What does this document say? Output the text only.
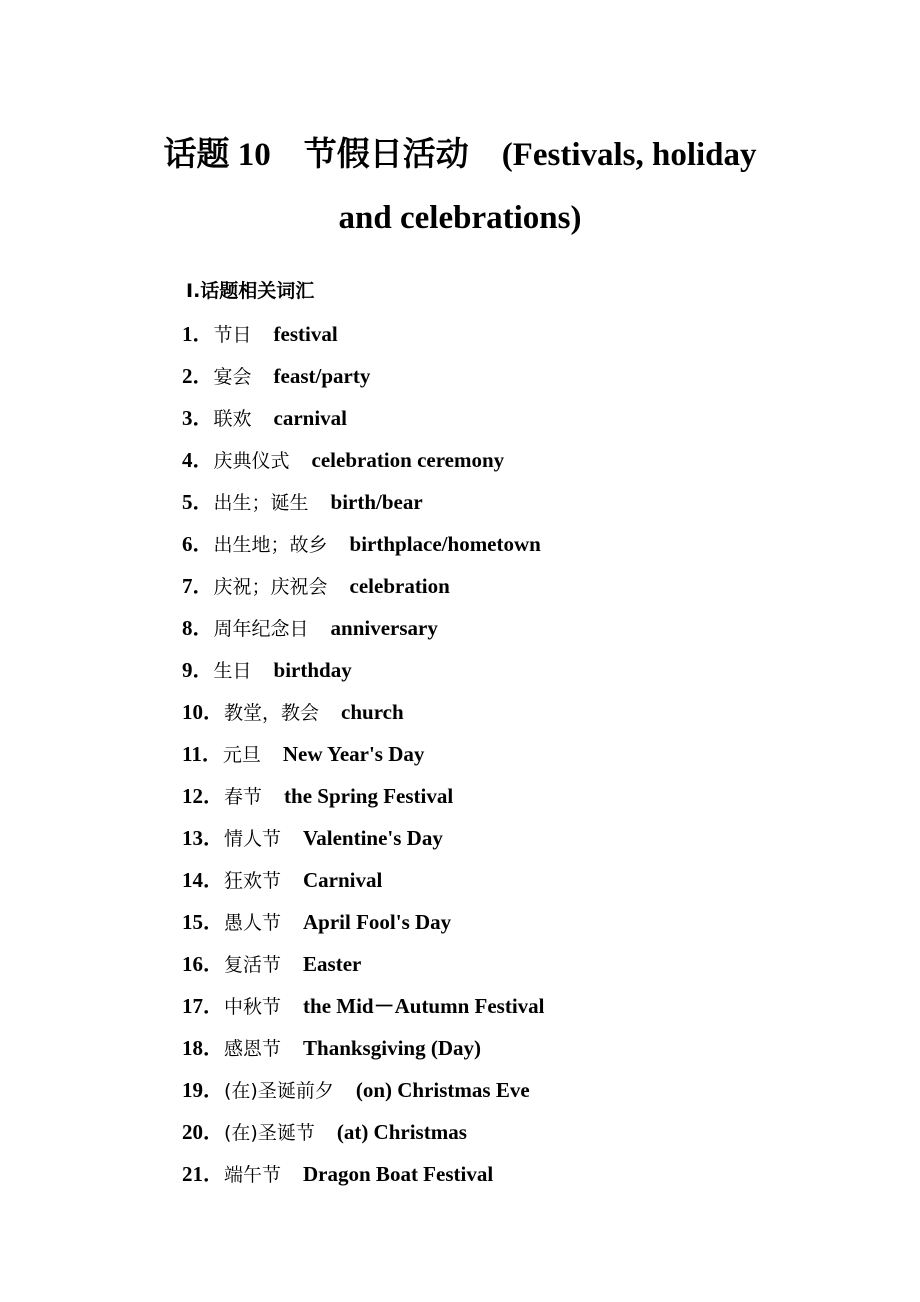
话题 10　节假日活动　(Festivals, holiday
and celebrations)
Ⅰ.话题相关词汇
1．节日 festival
2．宴会 feast/party
3．联欢 carnival
4．庆典仪式 celebration ceremony
5．出生；诞生 birth/bear
6．出生地；故乡 birthplace/hometown
7．庆祝；庆祝会 celebration
8．周年纪念日 anniversary
9．生日 birthday
10．教堂，教会 church
11．元旦 New Year's Day
12．春节 the Spring Festival
13．情人节 Valentine's Day
14．狂欢节 Carnival
15．愚人节 April Fool's Day
16．复活节 Easter
17．中秋节 the Mid－Autumn Festival
18．感恩节 Thanksgiving (Day)
19．(在)圣诞前夕 (on) Christmas Eve
20．(在)圣诞节 (at) Christmas
21．端午节 Dragon Boat Festival
